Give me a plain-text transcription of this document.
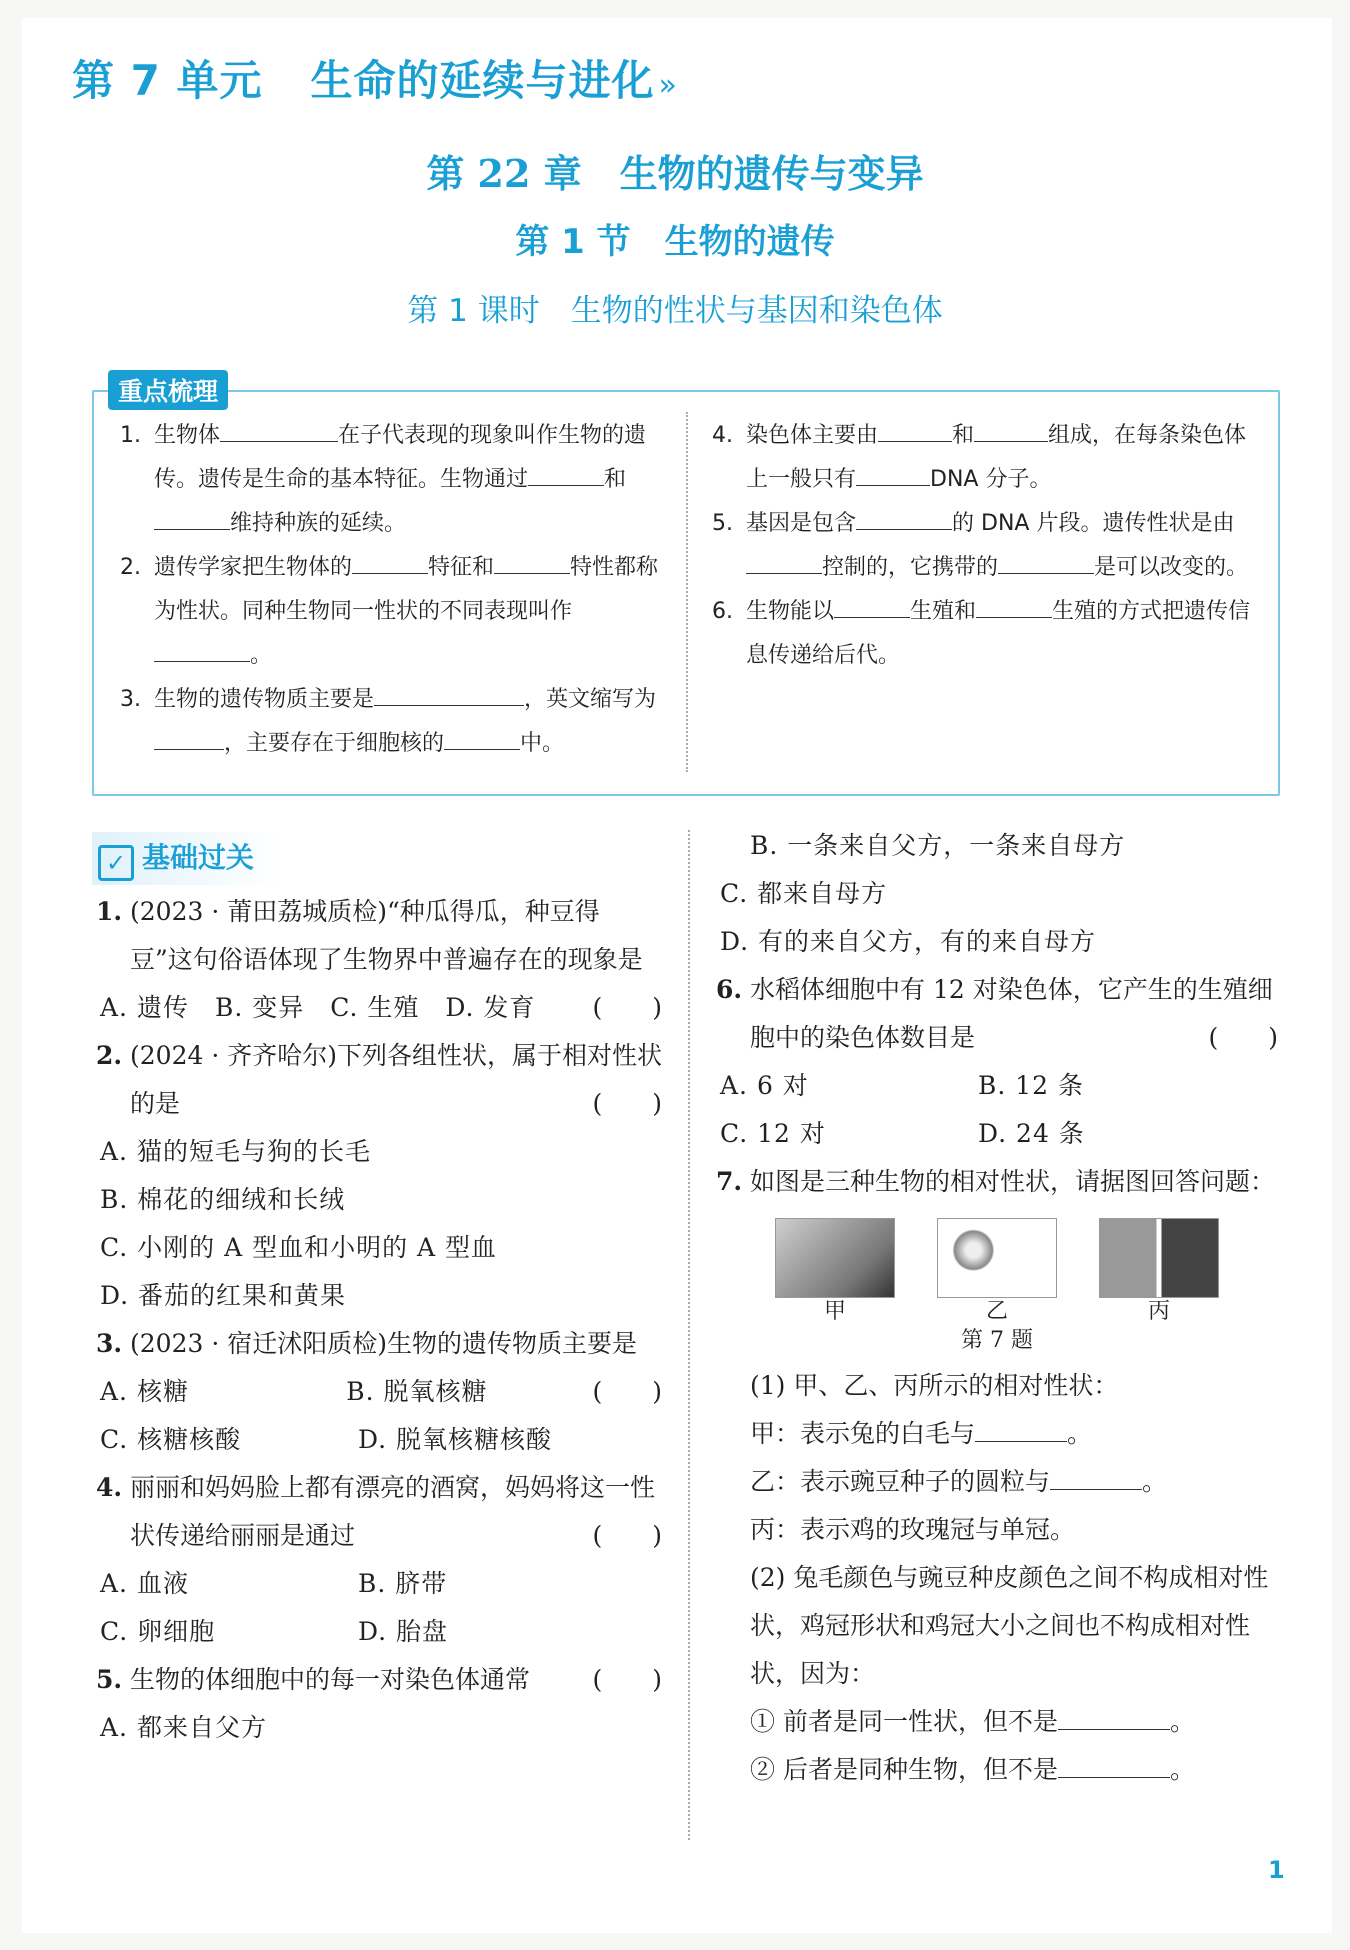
第 7 单元 生命的延续与进化 »
第 22 章　生物的遗传与变异
第 1 节　生物的遗传
第 1 课时　生物的性状与基因和染色体
重点梳理
1. 生物体	在子代表现的现象叫作生物的遗传。遗传是生命的基本特征。生物通过	和维持种族的延续。
2. 遗传学家把生物体的	特征和	特性都称为性状。同种生物同一性状的不同表现叫作。
3. 生物的遗传物质主要是	，英文缩写为，主要存在于细胞核的	中。
4. 染色体主要由	和	组成，在每条染色体上一般只有	DNA 分子。
5. 基因是包含	的 DNA 片段。遗传性状是由控制的，它携带的	是可以改变的。
6. 生物能以	生殖和	生殖的方式把遗传信息传递给后代。
✓ 基础过关
1. (2023 · 莆田荔城质检)“种瓜得瓜，种豆得豆”这句俗语体现了生物界中普遍存在的现象是
(　　)
A. 遗传　B. 变异　C. 生殖　D. 发育
2. (2024 · 齐齐哈尔)下列各组性状，属于相对性状的是	(　　)
A. 猫的短毛与狗的长毛
B. 棉花的细绒和长绒
C. 小刚的 A 型血和小明的 A 型血
D. 番茄的红果和黄果
3. (2023 · 宿迁沭阳质检)生物的遗传物质主要是
(　　)
A. 核糖	B. 脱氧核糖
C. 核糖核酸	D. 脱氧核糖核酸
4. 丽丽和妈妈脸上都有漂亮的酒窝，妈妈将这一性状传递给丽丽是通过	(　　)
A. 血液	B. 脐带
C. 卵细胞	D. 胎盘
5. 生物的体细胞中的每一对染色体通常 (　　)
A. 都来自父方
B. 一条来自父方，一条来自母方
C. 都来自母方
D. 有的来自父方，有的来自母方
6. 水稻体细胞中有 12 对染色体，它产生的生殖细胞中的染色体数目是	(　　)
A. 6 对	B. 12 条
C. 12 对	D. 24 条
7. 如图是三种生物的相对性状，请据图回答问题：
甲	乙	丙
第 7 题
(1) 甲、乙、丙所示的相对性状：
甲：表示兔的白毛与	。
乙：表示豌豆种子的圆粒与	。
丙：表示鸡的玫瑰冠与单冠。
(2) 兔毛颜色与豌豆种皮颜色之间不构成相对性状，鸡冠形状和鸡冠大小之间也不构成相对性状，因为：
① 前者是同一性状，但不是	。
② 后者是同种生物，但不是	。
1
